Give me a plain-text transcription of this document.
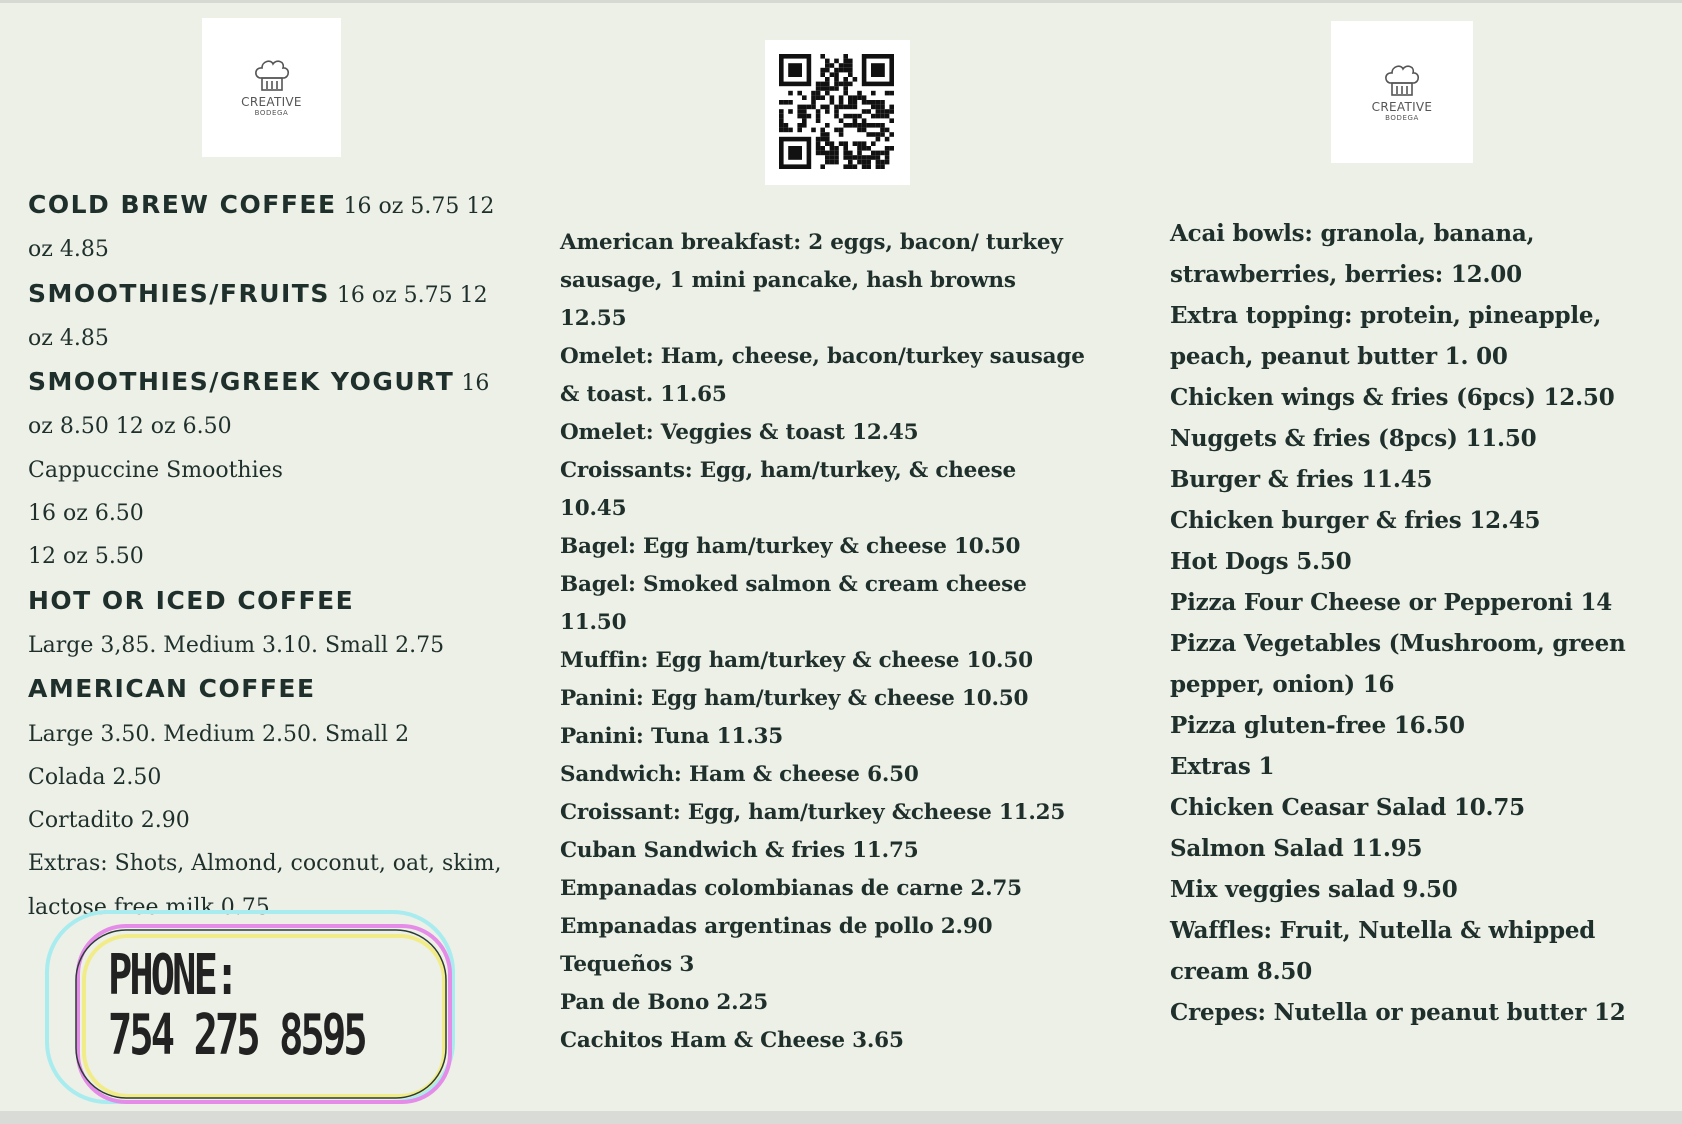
CREATIVE
BODEGA	CREATIVE
BODEGA
COLD BREW COFFEE 16 oz 5.75 12
oz 4.85
SMOOTHIES/FRUITS 16 oz 5.75 12
oz 4.85
SMOOTHIES/GREEK YOGURT 16
oz 8.50 12 oz 6.50
Cappuccine Smoothies
16 oz 6.50
12 oz 5.50
HOT OR ICED COFFEE
Large 3,85. Medium 3.10. Small 2.75
AMERICAN COFFEE
Large 3.50. Medium 2.50. Small 2
Colada 2.50
Cortadito 2.90
Extras: Shots, Almond, coconut, oat, skim,
lactose free milk 0.75
American breakfast: 2 eggs, bacon/ turkey
sausage, 1 mini pancake, hash browns
12.55
Omelet: Ham, cheese, bacon/turkey sausage
& toast. 11.65
Omelet: Veggies & toast 12.45
Croissants: Egg, ham/turkey, & cheese
10.45
Bagel: Egg ham/turkey & cheese 10.50
Bagel: Smoked salmon & cream cheese
11.50
Muffin: Egg ham/turkey & cheese 10.50
Panini: Egg ham/turkey & cheese 10.50
Panini: Tuna 11.35
Sandwich: Ham & cheese 6.50
Croissant: Egg, ham/turkey &cheese 11.25
Cuban Sandwich & fries 11.75
Empanadas colombianas de carne 2.75
Empanadas argentinas de pollo 2.90
Tequeños 3
Pan de Bono 2.25
Cachitos Ham & Cheese 3.65
Acai bowls: granola, banana,
strawberries, berries: 12.00
Extra topping: protein, pineapple,
peach, peanut butter 1. 00
Chicken wings & fries (6pcs) 12.50
Nuggets & fries (8pcs) 11.50
Burger & fries 11.45
Chicken burger & fries 12.45
Hot Dogs 5.50
Pizza Four Cheese or Pepperoni 14
Pizza Vegetables (Mushroom, green
pepper, onion) 16
Pizza gluten-free 16.50
Extras 1
Chicken Ceasar Salad 10.75
Salmon Salad 11.95
Mix veggies salad 9.50
Waffles: Fruit, Nutella & whipped
cream 8.50
Crepes: Nutella or peanut butter 12
PHONE:
754 275 8595
